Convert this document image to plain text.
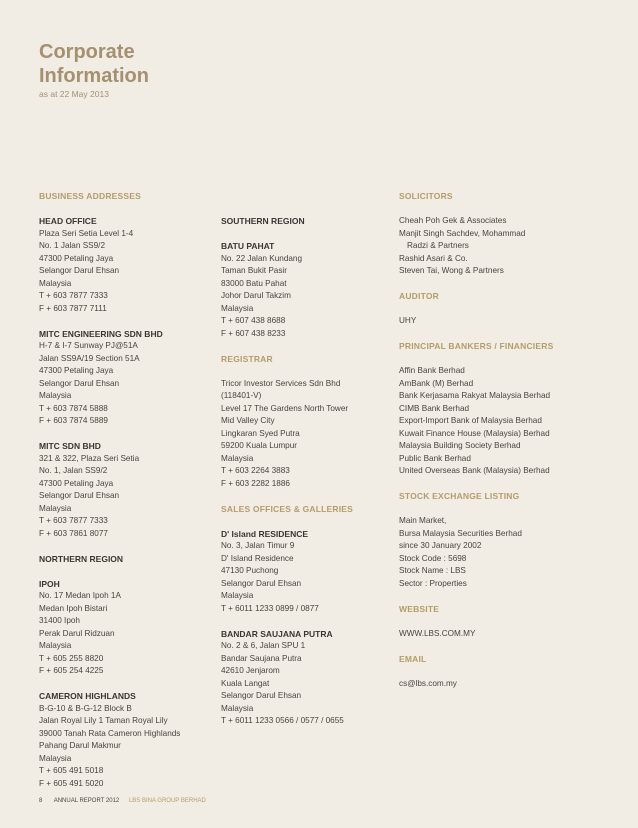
Corporate
Information
as at 22 May 2013
BUSINESS ADDRESSES
HEAD OFFICE
Plaza Seri Setia Level 1-4
No. 1 Jalan SS9/2
47300 Petaling Jaya
Selangor Darul Ehsan
Malaysia
T + 603 7877 7333
F + 603 7877 7111
MITC ENGINEERING SDN BHD
H-7 & I-7 Sunway PJ@51A
Jalan SS9A/19 Section 51A
47300 Petaling Jaya
Selangor Darul Ehsan
Malaysia
T + 603 7874 5888
F + 603 7874 5889
MITC SDN BHD
321 & 322, Plaza Seri Setia
No. 1, Jalan SS9/2
47300 Petaling Jaya
Selangor Darul Ehsan
Malaysia
T + 603 7877 7333
F + 603 7861 8077
NORTHERN REGION
IPOH
No. 17 Medan Ipoh 1A
Medan Ipoh Bistari
31400 Ipoh
Perak Darul Ridzuan
Malaysia
T + 605 255 8820
F + 605 254 4225
CAMERON HIGHLANDS
B-G-10 & B-G-12 Block B
Jalan Royal Lily 1 Taman Royal Lily
39000 Tanah Rata Cameron Highlands
Pahang Darul Makmur
Malaysia
T + 605 491 5018
F + 605 491 5020
SOUTHERN REGION
BATU PAHAT
No. 22 Jalan Kundang
Taman Bukit Pasir
83000 Batu Pahat
Johor Darul Takzim
Malaysia
T + 607 438 8688
F + 607 438 8233
REGISTRAR
Tricor Investor Services Sdn Bhd
(118401-V)
Level 17 The Gardens North Tower
Mid Valley City
Lingkaran Syed Putra
59200 Kuala Lumpur
Malaysia
T + 603 2264 3883
F + 603 2282 1886
SALES OFFICES & GALLERIES
D' Island RESIDENCE
No. 3, Jalan Timur 9
D' Island Residence
47130 Puchong
Selangor Darul Ehsan
Malaysia
T + 6011 1233 0899 / 0877
BANDAR SAUJANA PUTRA
No. 2 & 6, Jalan SPU 1
Bandar Saujana Putra
42610 Jenjarom
Kuala Langat
Selangor Darul Ehsan
Malaysia
T + 6011 1233 0566 / 0577 / 0655
SOLICITORS
Cheah Poh Gek & Associates
Manjit Singh Sachdev, Mohammad
Radzi & Partners
Rashid Asari & Co.
Steven Tai, Wong & Partners
AUDITOR
UHY
PRINCIPAL BANKERS / FINANCIERS
Affin Bank Berhad
AmBank (M) Berhad
Bank Kerjasama Rakyat Malaysia Berhad
CIMB Bank Berhad
Export-Import Bank of Malaysia Berhad
Kuwait Finance House (Malaysia) Berhad
Malaysia Building Society Berhad
Public Bank Berhad
United Overseas Bank (Malaysia) Berhad
STOCK EXCHANGE LISTING
Main Market,
Bursa Malaysia Securities Berhad
since 30 January 2002
Stock Code : 5698
Stock Name : LBS
Sector : Properties
WEBSITE
WWW.LBS.COM.MY
EMAIL
cs@lbs.com.my
8 ANNUAL REPORT 2012 LBS BINA GROUP BERHAD
